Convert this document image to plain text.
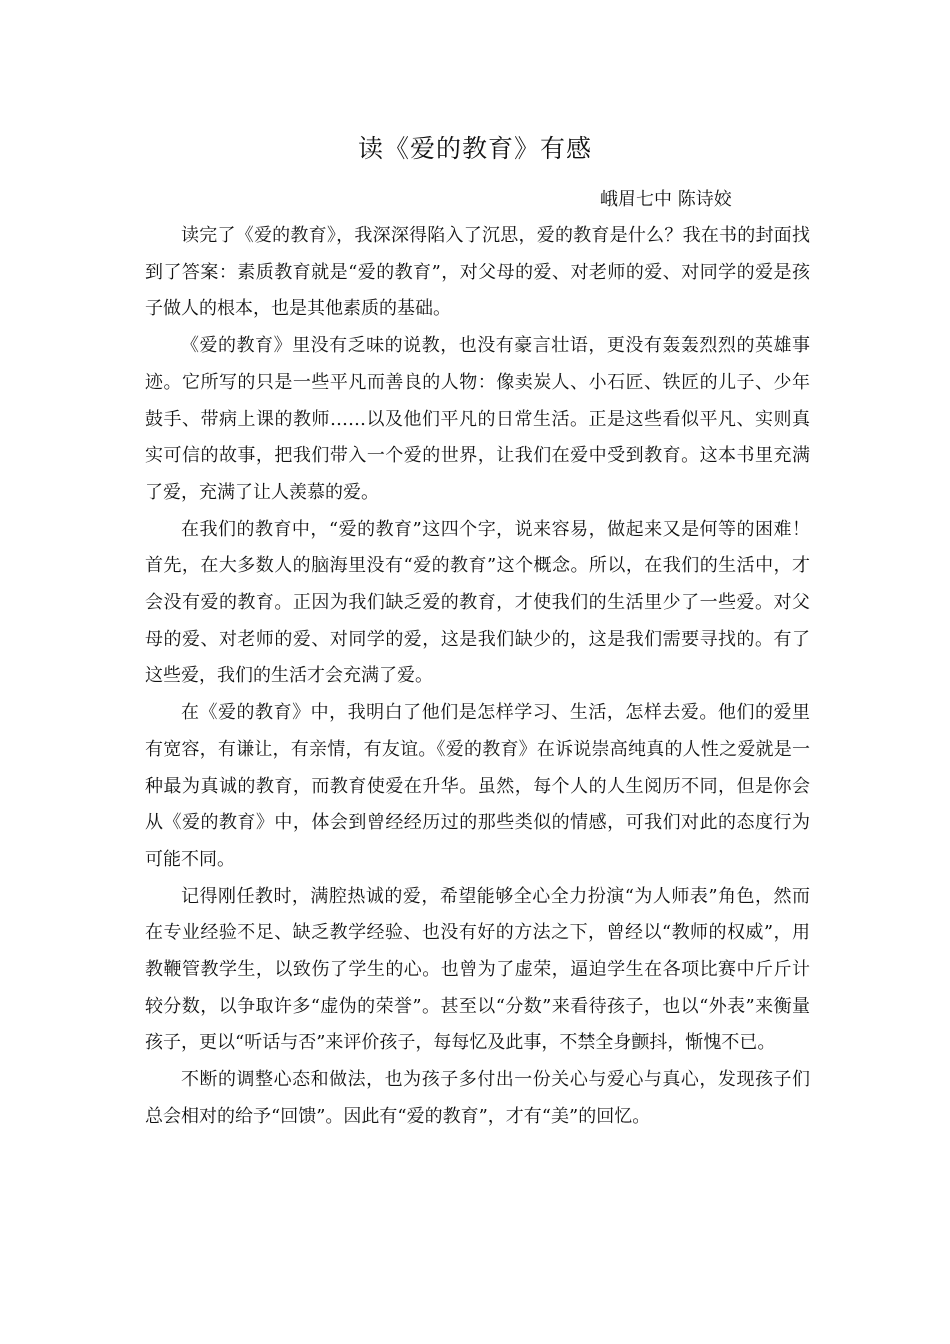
读《爱的教育》有感
峨眉七中 陈诗姣

读完了《爱的教育》，我深深得陷入了沉思，爱的教育是什么？我在书的封面找到了答案：素质教育就是“爱的教育”，对父母的爱、对老师的爱、对同学的爱是孩子做人的根本，也是其他素质的基础。

《爱的教育》里没有乏味的说教，也没有豪言壮语，更没有轰轰烈烈的英雄事迹。它所写的只是一些平凡而善良的人物：像卖炭人、小石匠、铁匠的儿子、少年鼓手、带病上课的教师……以及他们平凡的日常生活。正是这些看似平凡、实则真实可信的故事，把我们带入一个爱的世界，让我们在爱中受到教育。这本书里充满了爱，充满了让人羡慕的爱。

在我们的教育中，“爱的教育”这四个字，说来容易，做起来又是何等的困难！首先，在大多数人的脑海里没有“爱的教育”这个概念。所以，在我们的生活中，才会没有爱的教育。正因为我们缺乏爱的教育，才使我们的生活里少了一些爱。对父母的爱、对老师的爱、对同学的爱，这是我们缺少的，这是我们需要寻找的。有了这些爱，我们的生活才会充满了爱。

在《爱的教育》中，我明白了他们是怎样学习、生活，怎样去爱。他们的爱里有宽容，有谦让，有亲情，有友谊。《爱的教育》在诉说崇高纯真的人性之爱就是一种最为真诚的教育，而教育使爱在升华。虽然，每个人的人生阅历不同，但是你会从《爱的教育》中，体会到曾经经历过的那些类似的情感，可我们对此的态度行为可能不同。

记得刚任教时，满腔热诚的爱，希望能够全心全力扮演“为人师表”角色，然而在专业经验不足、缺乏教学经验、也没有好的方法之下，曾经以“教师的权威”，用教鞭管教学生，以致伤了学生的心。也曾为了虚荣，逼迫学生在各项比赛中斤斤计较分数，以争取许多“虚伪的荣誉”。甚至以“分数”来看待孩子，也以“外表”来衡量孩子，更以“听话与否”来评价孩子，每每忆及此事，不禁全身颤抖，惭愧不已。

不断的调整心态和做法，也为孩子多付出一份关心与爱心与真心，发现孩子们总会相对的给予“回馈”。因此有“爱的教育”，才有“美”的回忆。
